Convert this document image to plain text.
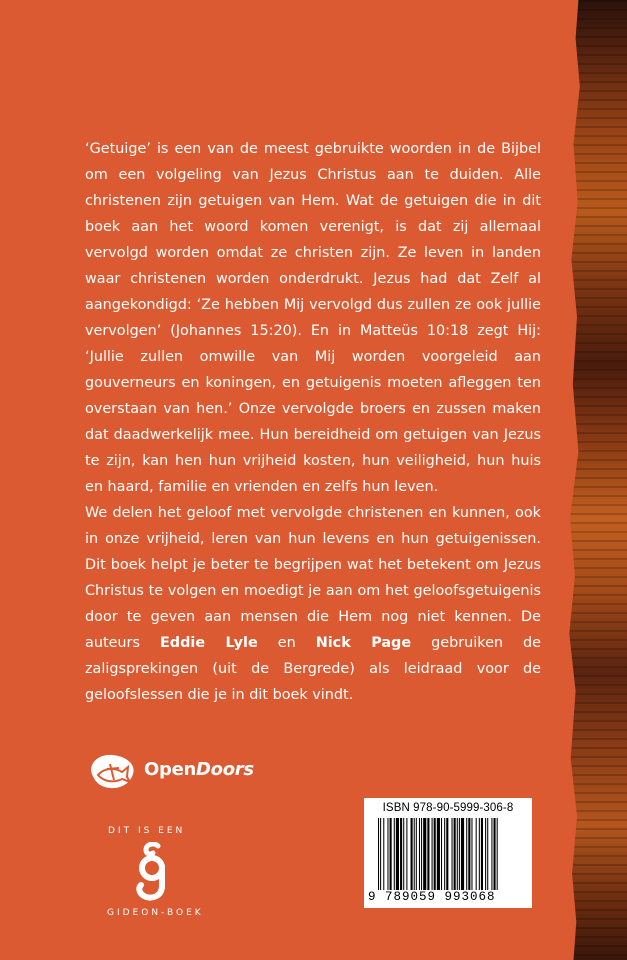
‘Getuige’ is een van de meest gebruikte woorden in de Bijbel om een volgeling van Jezus Christus aan te duiden. Alle christenen zijn getuigen van Hem. Wat de getuigen die in dit boek aan het woord komen verenigt, is dat zij allemaal vervolgd worden omdat ze christen zijn. Ze leven in landen waar christenen worden onderdrukt. Jezus had dat Zelf al aangekondigd: ‘Ze hebben Mij vervolgd dus zullen ze ook jullie vervolgen’ (Johannes 15:20). En in Matteüs 10:18 zegt Hij: ‘Jullie zullen omwille van Mij worden voorgeleid aan gouverneurs en koningen, en getuigenis moeten afleggen ten overstaan van hen.’ Onze vervolgde broers en zussen maken dat daadwerkelijk mee. Hun bereidheid om getuigen van Jezus te zijn, kan hen hun vrijheid kosten, hun veiligheid, hun huis en haard, familie en vrienden en zelfs hun leven.

We delen het geloof met vervolgde christenen en kunnen, ook in onze vrijheid, leren van hun levens en hun getuigenissen. Dit boek helpt je beter te begrijpen wat het betekent om Jezus Christus te volgen en moedigt je aan om het geloofsgetuigenis door te geven aan mensen die Hem nog niet kennen. De auteurs Eddie Lyle en Nick Page gebruiken de zaligsprekingen (uit de Bergrede) als leidraad voor de geloofslessen die je in dit boek vindt.

OpenDoors
DIT IS EEN
GIDEON-BOEK
ISBN 978-90-5999-306-8
9 789059 993068
